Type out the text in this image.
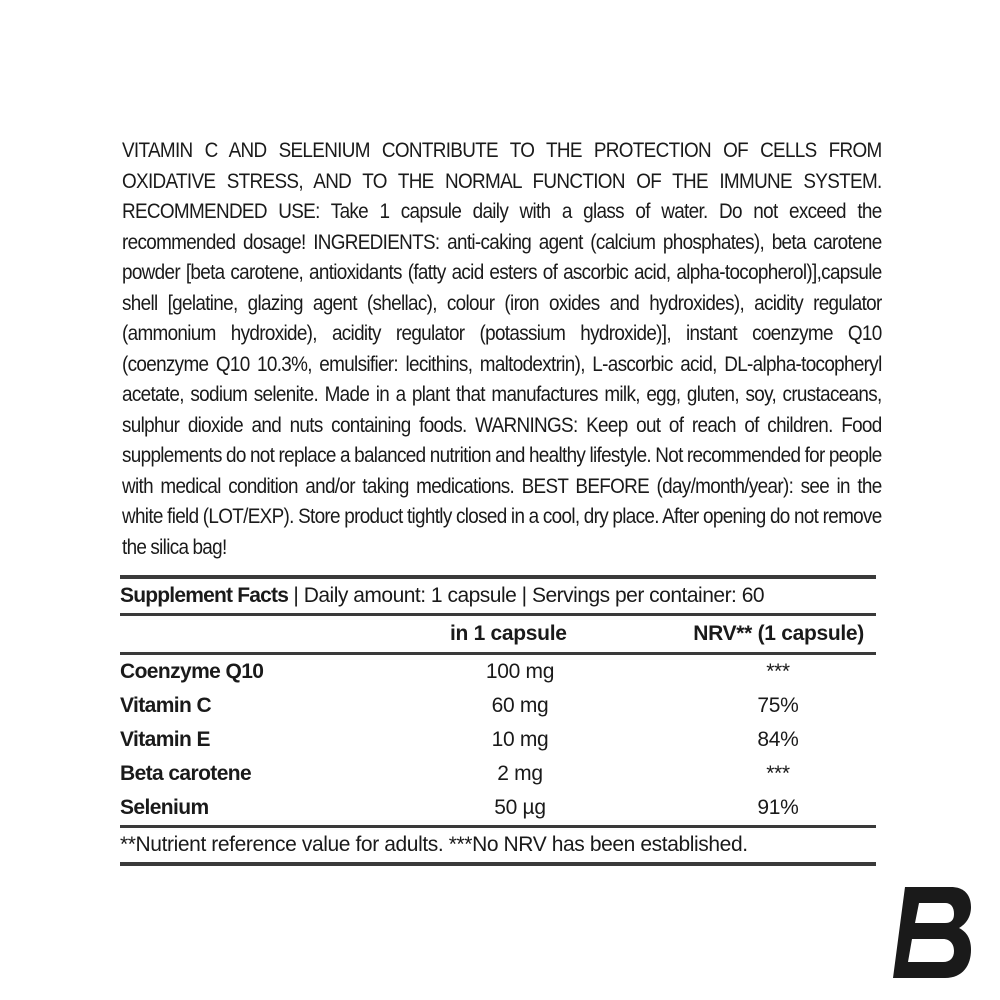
VITAMIN C AND SELENIUM CONTRIBUTE TO THE PROTECTION OF CELLS FROM OXIDATIVE STRESS, AND TO THE NORMAL FUNCTION OF THE IMMUNE SYSTEM. RECOMMENDED USE: Take 1 capsule daily with a glass of water. Do not exceed the recommended dosage! INGREDIENTS: anti-caking agent (calcium phosphates), beta carotene powder [beta carotene, antioxidants (fatty acid esters of ascorbic acid, alpha-tocopherol)],capsule shell [gelatine, glazing agent (shellac), colour (iron oxides and hydroxides), acidity regulator (ammonium hydroxide), acidity regulator (potassium hydroxide)], instant coenzyme Q10 (coenzyme Q10 10.3%, emulsifier: lecithins, maltodextrin), L-ascorbic acid, DL-alpha-tocopheryl acetate, sodium selenite. Made in a plant that manufactures milk, egg, gluten, soy, crustaceans, sulphur dioxide and nuts containing foods. WARNINGS: Keep out of reach of children. Food supplements do not replace a balanced nutrition and healthy lifestyle. Not recommended for people with medical condition and/or taking medications. BEST BEFORE (day/month/year): see in the white field (LOT/EXP). Store product tightly closed in a cool, dry place. After opening do not remove the silica bag!
Supplement Facts | Daily amount: 1 capsule | Servings per container: 60
in 1 capsule	NRV** (1 capsule)
Coenzyme Q10	100 mg	***
Vitamin C	60 mg	75%
Vitamin E	10 mg	84%
Beta carotene	2 mg	***
Selenium	50 µg	91%
**Nutrient reference value for adults. ***No NRV has been established.
